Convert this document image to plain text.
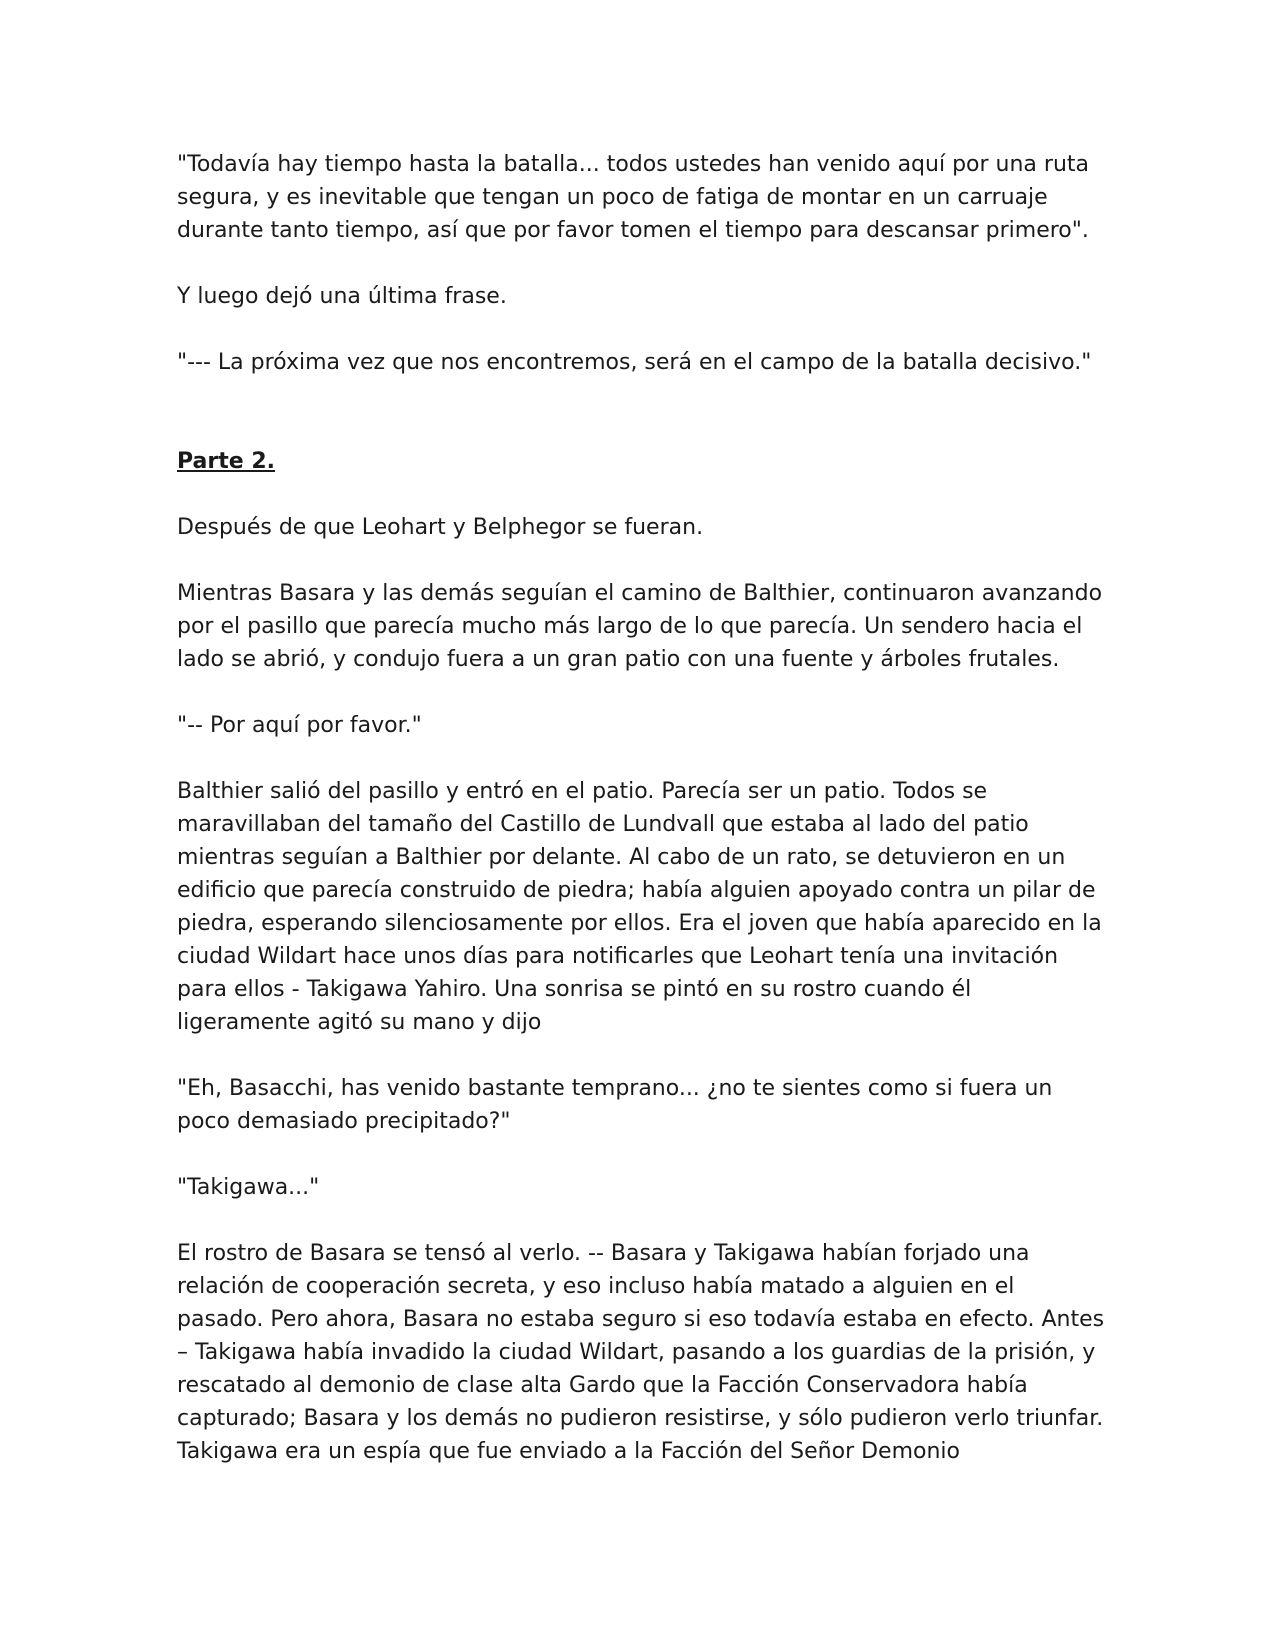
"Todavía hay tiempo hasta la batalla... todos ustedes han venido aquí por una ruta segura, y es inevitable que tengan un poco de fatiga de montar en un carruaje durante tanto tiempo, así que por favor tomen el tiempo para descansar primero".

Y luego dejó una última frase.

"--- La próxima vez que nos encontremos, será en el campo de la batalla decisivo."

Parte 2.

Después de que Leohart y Belphegor se fueran.

Mientras Basara y las demás seguían el camino de Balthier, continuaron avanzando por el pasillo que parecía mucho más largo de lo que parecía. Un sendero hacia el lado se abrió, y condujo fuera a un gran patio con una fuente y árboles frutales.

"-- Por aquí por favor."

Balthier salió del pasillo y entró en el patio. Parecía ser un patio. Todos se maravillaban del tamaño del Castillo de Lundvall que estaba al lado del patio mientras seguían a Balthier por delante. Al cabo de un rato, se detuvieron en un edificio que parecía construido de piedra; había alguien apoyado contra un pilar de piedra, esperando silenciosamente por ellos. Era el joven que había aparecido en la ciudad Wildart hace unos días para notificarles que Leohart tenía una invitación para ellos - Takigawa Yahiro. Una sonrisa se pintó en su rostro cuando él ligeramente agitó su mano y dijo

"Eh, Basacchi, has venido bastante temprano... ¿no te sientes como si fuera un poco demasiado precipitado?"

"Takigawa..."

El rostro de Basara se tensó al verlo. -- Basara y Takigawa habían forjado una relación de cooperación secreta, y eso incluso había matado a alguien en el pasado. Pero ahora, Basara no estaba seguro si eso todavía estaba en efecto. Antes – Takigawa había invadido la ciudad Wildart, pasando a los guardias de la prisión, y rescatado al demonio de clase alta Gardo que la Facción Conservadora había capturado; Basara y los demás no pudieron resistirse, y sólo pudieron verlo triunfar. Takigawa era un espía que fue enviado a la Facción del Señor Demonio
